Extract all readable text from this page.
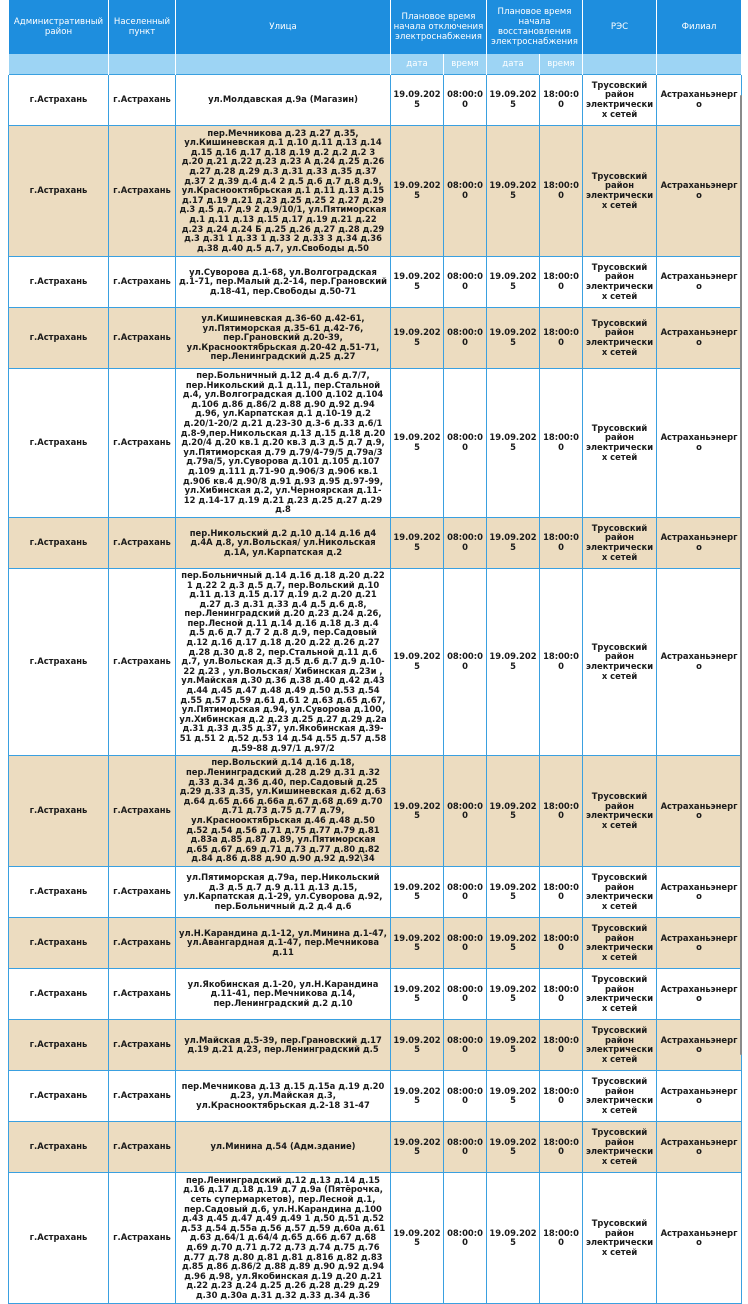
Административный район	Населенный пункт	Улица	Плановое время начала отключения электроснабжения		Плановое время начала восстановления электроснабжения		РЭС	Филиал
			дата	время	дата	время		
г.Астрахань	г.Астрахань	ул.Молдавская д.9а (Магазин)	19.09.2025	08:00:00	19.09.2025	18:00:00	Трусовский район электрических сетей	Астраханьэнерго
г.Астрахань	г.Астрахань	пер.Мечникова д.23 д.27 д.35, ул.Кишиневская д.1 д.10 д.11 д.13 д.14 д.15 д.16 д.17 д.18 д.19 д.2 д.2 д.2 3 д.20 д.21 д.22 д.23 д.23 А д.24 д.25 д.26 д.27 д.28 д.29 д.3 д.31 д.33 д.35 д.37 д.37 2 д.39 д.4 д.4 2 д.5 д.6 д.7 д.8 д.9, ул.Краснооктябрьская д.1 д.11 д.13 д.15 д.17 д.19 д.21 д.23 д.25 д.25 2 д.27 д.29 д.3 д.5 д.7 д.9 2 д.9/10/1, ул.Пятиморская д.1 д.11 д.13 д.15 д.17 д.19 д.21 д.22 д.23 д.24 д.24 Б д.25 д.26 д.27 д.28 д.29 д.3 д.31 1 д.33 1 д.33 2 д.33 3 д.34 д.36 д.38 д.40 д.5 д.7, ул.Свободы д.50	19.09.2025	08:00:00	19.09.2025	18:00:00	Трусовский район электрических сетей	Астраханьэнерго
г.Астрахань	г.Астрахань	ул.Суворова д.1-68, ул.Волгоградская д.1-71, пер.Малый д.2-14, пер.Грановский д.18-41, пер.Свободы д.50-71	19.09.2025	08:00:00	19.09.2025	18:00:00	Трусовский район электрических сетей	Астраханьэнерго
г.Астрахань	г.Астрахань	ул.Кишиневская д.36-60 д.42-61, ул.Пятиморская д.35-61 д.42-76, пер.Грановский д.20-39, ул.Краснооктябрьская д.20-42 д.51-71, пер.Ленинградский д.25 д.27	19.09.2025	08:00:00	19.09.2025	18:00:00	Трусовский район электрических сетей	Астраханьэнерго
г.Астрахань	г.Астрахань	пер.Больничный д.12 д.4 д.6 д.7/7, пер.Никольский д.1 д.11, пер.Стальной д.4, ул.Волгоградская д.100 д.102 д.104 д.106 д.86 д.86/2 д.88 д.90 д.92 д.94 д.96, ул.Карпатская д.1 д.10-19 д.2 д.20/1-20/2 д.21 д.23-30 д.3-6 д.33 д.6/1 д.8-9,пер.Никольская д.13 д.15 д.18 д.20 д.20/4 д.20 кв.1 д.20 кв.3 д.3 д.5 д.7 д.9, ул.Пятиморская д.79 д.79/4-79/5 д.79а/3 д.79а/5, ул.Суворова д.101 д.105 д.107 д.109 д.111 д.71-90 д.906/3 д.906 кв.1 д.906 кв.4 д.90/8 д.91 д.93 д.95 д.97-99, ул.Хибинская д.2, ул.Черноярская д.11-12 д.14-17 д.19 д.21 д.23 д.25 д.27 д.29 д.8	19.09.2025	08:00:00	19.09.2025	18:00:00	Трусовский район электрических сетей	Астраханьэнерго
г.Астрахань	г.Астрахань	пер.Никольский д.2 д.10 д.14 д.16 д4 д.4А д.8, ул.Вольская/ ул.Никольская д.1А, ул.Карпатская д.2	19.09.2025	08:00:00	19.09.2025	18:00:00	Трусовский район электрических сетей	Астраханьэнерго
г.Астрахань	г.Астрахань	пер.Больничный д.14 д.16 д.18 д.20 д.22 1 д.22 2 д.3 д.5 д.7, пер.Вольский д.10 д.11 д.13 д.15 д.17 д.19 д.2 д.20 д.21 д.27 д.3 д.31 д.33 д.4 д.5 д.6 д.8, пер.Ленинградский д.20 д.23 д.24 д.26, пер.Лесной д.11 д.14 д.16 д.18 д.3 д.4 д.5 д.6 д.7 д.7 2 д.8 д.9, пер.Садовый д.12 д.16 д.17 д.18 д.20 д.22 д.26 д.27 д.28 д.30 д.8 2, пер.Стальной д.11 д.6 д.7, ул.Вольская д.3 д.5 д.6 д.7 д.9 д.10-22 д.23 , ул.Вольская/ Хибинская д.23и , ул.Майская д.30 д.36 д.38 д.40 д.42 д.43 д.44 д.45 д.47 д.48 д.49 д.50 д.53 д.54 д.55 д.57 д.59 д.61 д.61 2 д.63 д.65 д.67, ул.Пятиморская д.94, ул.Суворова д.100, ул.Хибинская д.2 д.23 д.25 д.27 д.29 д.2а д.31 д.33 д.35 д.37, ул.Якобинская д.39-51 д.51 2 д.52 д.53 14 д.54 д.55 д.57 д.58 д.59-88 д.97/1 д.97/2	19.09.2025	08:00:00	19.09.2025	18:00:00	Трусовский район электрических сетей	Астраханьэнерго
г.Астрахань	г.Астрахань	пер.Вольский д.14 д.16 д.18, пер.Ленинградский д.28 д.29 д.31 д.32 д.33 д.34 д.36 д.40, пер.Садовый д.25 д.29 д.33 д.35, ул.Кишиневская д.62 д.63 д.64 д.65 д.66 д.66а д.67 д.68 д.69 д.70 д.71 д.73 д.75 д.77 д.79, ул.Краснооктябрьская д.46 д.48 д.50 д.52 д.54 д.56 д.71 д.75 д.77 д.79 д.81 д.83а д.85 д.87 д.89, ул.Пятиморская д.65 д.67 д.69 д.71 д.73 д.77 д.80 д.82 д.84 д.86 д.88 д.90 д.90 д.92 д.92\34	19.09.2025	08:00:00	19.09.2025	18:00:00	Трусовский район электрических сетей	Астраханьэнерго
г.Астрахань	г.Астрахань	ул.Пятиморская д.79а, пер.Никольский д.3 д.5 д.7 д.9 д.11 д.13 д.15, ул.Карпатская д.1-29, ул.Суворова д.92, пер.Больничный д.2 д.4 д.6	19.09.2025	08:00:00	19.09.2025	18:00:00	Трусовский район электрических сетей	Астраханьэнерго
г.Астрахань	г.Астрахань	ул.Н.Карандина д.1-12, ул.Минина д.1-47, ул.Авангардная д.1-47, пер.Мечникова д.11	19.09.2025	08:00:00	19.09.2025	18:00:00	Трусовский район электрических сетей	Астраханьэнерго
г.Астрахань	г.Астрахань	ул.Якобинская д.1-20, ул.Н.Карандина д.11-41, пер.Мечникова д.14, пер.Ленинградский д.2 д.10	19.09.2025	08:00:00	19.09.2025	18:00:00	Трусовский район электрических сетей	Астраханьэнерго
г.Астрахань	г.Астрахань	ул.Майская д.5-39, пер.Грановский д.17 д.19 д.21 д.23, пер.Ленинградский д.5	19.09.2025	08:00:00	19.09.2025	18:00:00	Трусовский район электрических сетей	Астраханьэнерго
г.Астрахань	г.Астрахань	пер.Мечникова д.13 д.15 д.15а д.19 д.20 д.23, ул.Майская д.3, ул.Краснооктябрьская д.2-18 31-47	19.09.2025	08:00:00	19.09.2025	18:00:00	Трусовский район электрических сетей	Астраханьэнерго
г.Астрахань	г.Астрахань	ул.Минина д.54 (Адм.здание)	19.09.2025	08:00:00	19.09.2025	18:00:00	Трусовский район электрических сетей	Астраханьэнерго
г.Астрахань	г.Астрахань	пер.Ленинградский д.12 д.13 д.14 д.15 д.16 д.17 д.18 д.19 д.7 д.9а (Пятёрочка, сеть супермаркетов), пер.Лесной д.1, пер.Садовый д.6, ул.Н.Карандина д.100 д.43 д.45 д.47 д.49 д.49 1 д.50 д.51 д.52 д.53 д.54 д.55а д.56 д.57 д.59 д.60а д.61 д.63 д.64/1 д.64/4 д.65 д.66 д.67 д.68 д.69 д.70 д.71 д.72 д.73 д.74 д.75 д.76 д.77 д.78 д.80 д.81 д.81 д.816 д.82 д.83 д.85 д.86 д.86/2 д.88 д.89 д.90 д.92 д.94 д.96 д.98, ул.Якобинская д.19 д.20 д.21 д.22 д.23 д.24 д.25 д.26 д.28 д.29 д.29 д.30 д.30а д.31 д.32 д.33 д.34 д.36	19.09.2025	08:00:00	19.09.2025	18:00:00	Трусовский район электрических сетей	Астраханьэнерго
